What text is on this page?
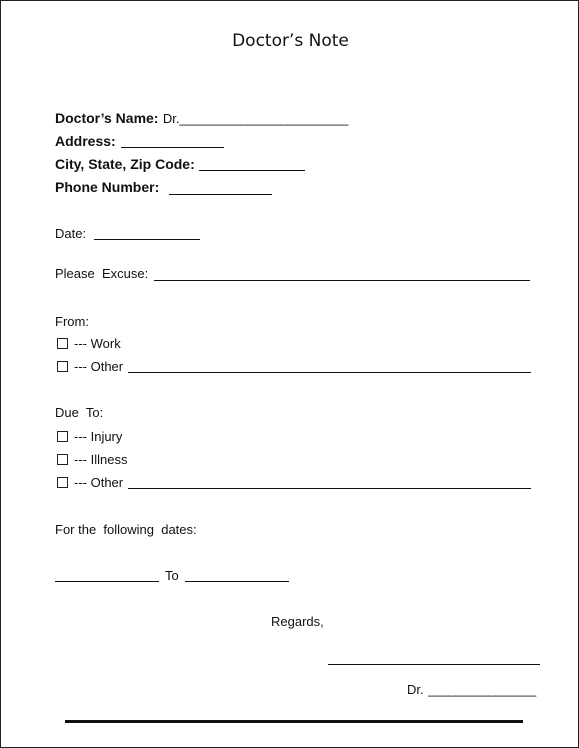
Doctor’s Note
Doctor’s Name: Dr._________________________
Address:
City, State, Zip Code:
Phone Number:
Date:
Please  Excuse:
From:
--- Work
--- Other
Due  To:
--- Injury
--- Illness
--- Other
For the  following  dates:
To
Regards,
Dr. ________________
